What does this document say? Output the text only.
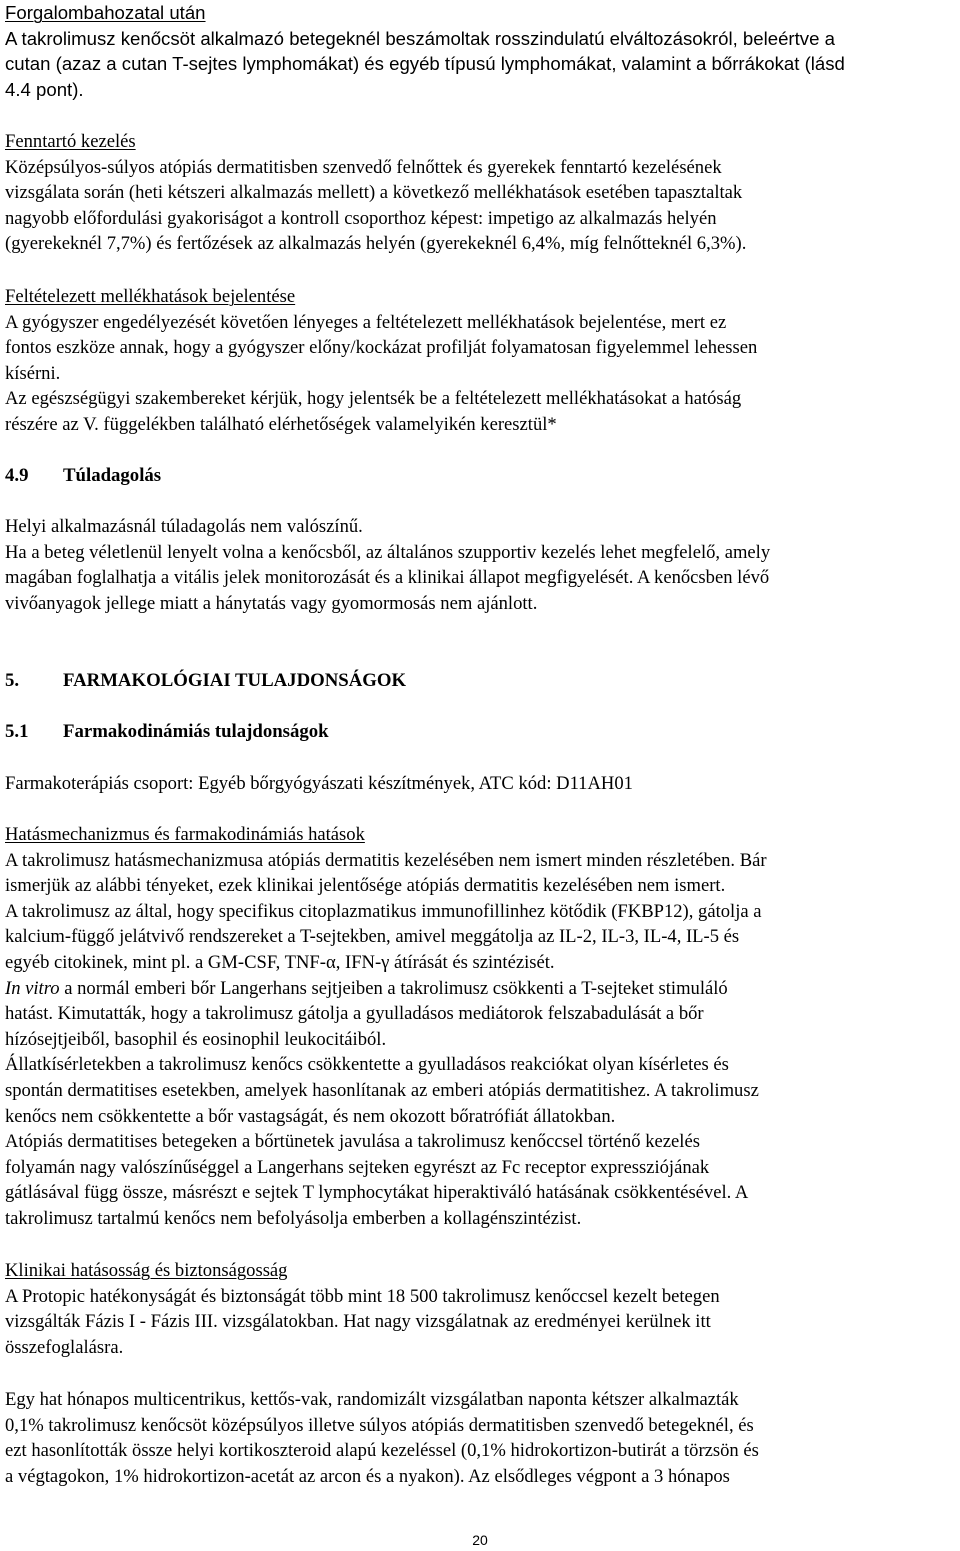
Forgalombahozatal után
A takrolimusz kenőcsöt alkalmazó betegeknél beszámoltak rosszindulatú elváltozásokról, beleértve a
cutan (azaz a cutan T-sejtes lymphomákat) és egyéb típusú lymphomákat, valamint a bőrrákokat (lásd
4.4 pont).
Fenntartó kezelés
Középsúlyos-súlyos atópiás dermatitisben szenvedő felnőttek és gyerekek fenntartó kezelésének
vizsgálata során (heti kétszeri alkalmazás mellett) a következő mellékhatások esetében tapasztaltak
nagyobb előfordulási gyakoriságot a kontroll csoporthoz képest: impetigo az alkalmazás helyén
(gyerekeknél 7,7%) és fertőzések az alkalmazás helyén (gyerekeknél 6,4%, míg felnőtteknél 6,3%).
Feltételezett mellékhatások bejelentése
A gyógyszer engedélyezését követően lényeges a feltételezett mellékhatások bejelentése, mert ez
fontos eszköze annak, hogy a gyógyszer előny/kockázat profilját folyamatosan figyelemmel lehessen
kísérni.
Az egészségügyi szakembereket kérjük, hogy jelentsék be a feltételezett mellékhatásokat a hatóság
részére az V. függelékben található elérhetőségek valamelyikén keresztül*
4.9 Túladagolás
Helyi alkalmazásnál túladagolás nem valószínű.
Ha a beteg véletlenül lenyelt volna a kenőcsből, az általános szupportiv kezelés lehet megfelelő, amely
magában foglalhatja a vitális jelek monitorozását és a klinikai állapot megfigyelését. A kenőcsben lévő
vivőanyagok jellege miatt a hánytatás vagy gyomormosás nem ajánlott.
5. FARMAKOLÓGIAI TULAJDONSÁGOK
5.1 Farmakodinámiás tulajdonságok
Farmakoterápiás csoport: Egyéb bőrgyógyászati készítmények, ATC kód: D11AH01
Hatásmechanizmus és farmakodinámiás hatások
A takrolimusz hatásmechanizmusa atópiás dermatitis kezelésében nem ismert minden részletében. Bár
ismerjük az alábbi tényeket, ezek klinikai jelentősége atópiás dermatitis kezelésében nem ismert.
A takrolimusz az által, hogy specifikus citoplazmatikus immunofillinhez kötődik (FKBP12), gátolja a
kalcium-függő jelátvivő rendszereket a T-sejtekben, amivel meggátolja az IL-2, IL-3, IL-4, IL-5 és
egyéb citokinek, mint pl. a GM-CSF, TNF-α, IFN-γ átírását és szintézisét.
In vitro a normál emberi bőr Langerhans sejtjeiben a takrolimusz csökkenti a T-sejteket stimuláló
hatást. Kimutatták, hogy a takrolimusz gátolja a gyulladásos mediátorok felszabadulását a bőr
hízósejtjeiből, basophil és eosinophil leukocitáiból.
Állatkísérletekben a takrolimusz kenőcs csökkentette a gyulladásos reakciókat olyan kísérletes és
spontán dermatitises esetekben, amelyek hasonlítanak az emberi atópiás dermatitishez. A takrolimusz
kenőcs nem csökkentette a bőr vastagságát, és nem okozott bőratrófiát állatokban.
Atópiás dermatitises betegeken a bőrtünetek javulása a takrolimusz kenőccsel történő kezelés
folyamán nagy valószínűséggel a Langerhans sejteken egyrészt az Fc receptor expressziójának
gátlásával függ össze, másrészt e sejtek T lymphocytákat hiperaktiváló hatásának csökkentésével. A
takrolimusz tartalmú kenőcs nem befolyásolja emberben a kollagénszintézist.
Klinikai hatásosság és biztonságosság
A Protopic hatékonyságát és biztonságát több mint 18 500 takrolimusz kenőccsel kezelt betegen
vizsgálták Fázis I - Fázis III. vizsgálatokban. Hat nagy vizsgálatnak az eredményei kerülnek itt
összefoglalásra.
Egy hat hónapos multicentrikus, kettős-vak, randomizált vizsgálatban naponta kétszer alkalmazták
0,1% takrolimusz kenőcsöt középsúlyos illetve súlyos atópiás dermatitisben szenvedő betegeknél, és
ezt hasonlították össze helyi kortikoszteroid alapú kezeléssel (0,1% hidrokortizon-butirát a törzsön és
a végtagokon, 1% hidrokortizon-acetát az arcon és a nyakon). Az elsődleges végpont a 3 hónapos
20
